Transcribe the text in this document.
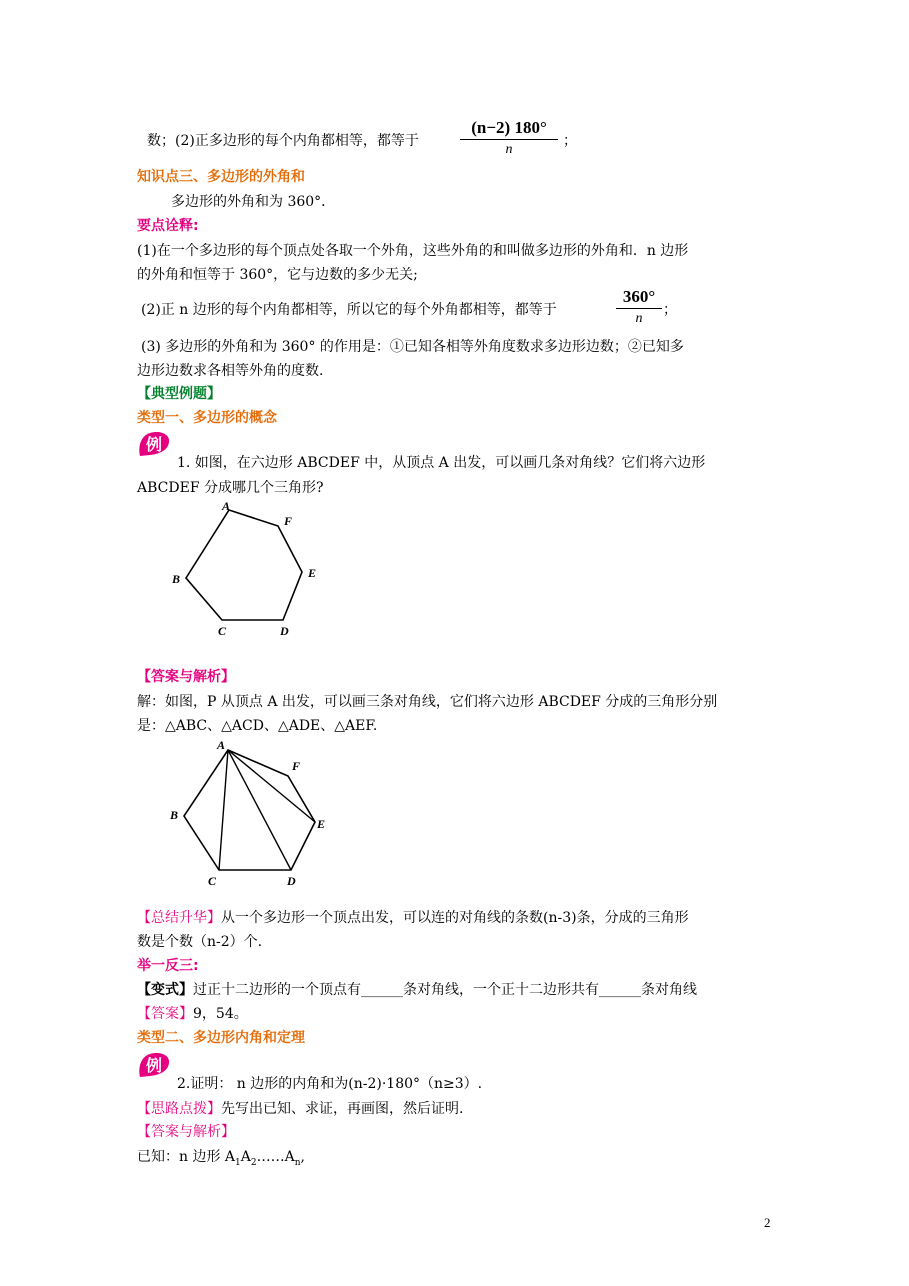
数；(2)正多边形的每个内角都相等，都等于
(n−2) 180°
n
；
知识点三、多边形的外角和
多边形的外角和为 360°．
要点诠释:
(1)在一个多边形的每个顶点处各取一个外角，这些外角的和叫做多边形的外角和．n 边形
的外角和恒等于 360°，它与边数的多少无关;
(2)正 n 边形的每个内角都相等，所以它的每个外角都相等，都等于
360°
n
；
(3) 多边形的外角和为 360° 的作用是：①已知各相等外角度数求多边形边数；②已知多
边形边数求各相等外角的度数.
【典型例题】
类型一、多边形的概念
例
1. 如图，在六边形 ABCDEF 中，从顶点 A 出发，可以画几条对角线？它们将六边形
ABCDEF 分成哪几个三角形?
A
F
E
D
C
B
【答案与解析】
解：如图，P 从顶点 A 出发，可以画三条对角线，它们将六边形 ABCDEF 分成的三角形分别
是：△ABC、△ACD、△ADE、△AEF.
A
F
E
D
C
B
【总结升华】从一个多边形一个顶点出发，可以连的对角线的条数(n-3)条，分成的三角形
数是个数（n-2）个.
举一反三:
【变式】过正十二边形的一个顶点有______条对角线，一个正十二边形共有______条对角线
【答案】9，54。
类型二、多边形内角和定理
例
2.证明： n 边形的内角和为(n-2)·180°（n≥3）.
【思路点拨】先写出已知、求证，再画图，然后证明.
【答案与解析】
已知：n 边形 $A_1A_2\dots\dots A_n$,
2
